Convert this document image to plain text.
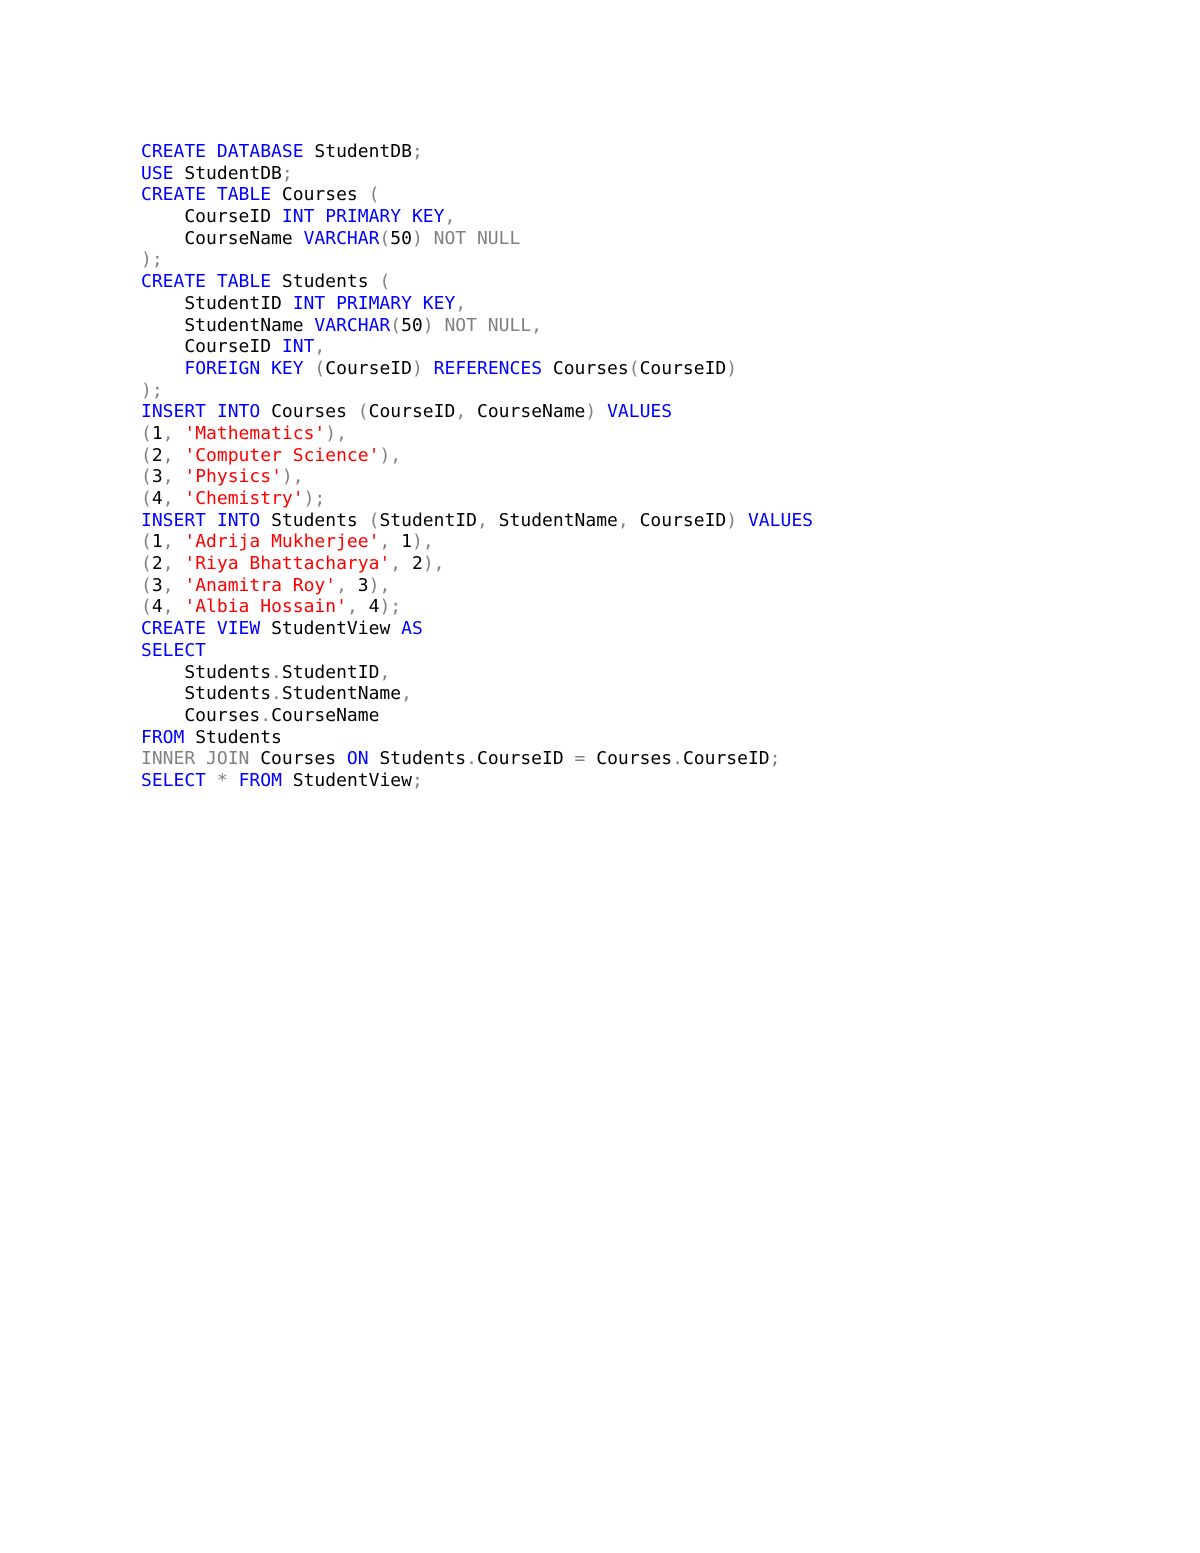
CREATE DATABASE StudentDB;
USE StudentDB;
CREATE TABLE Courses (
CourseID INT PRIMARY KEY,
CourseName VARCHAR(50) NOT NULL
);
CREATE TABLE Students (
StudentID INT PRIMARY KEY,
StudentName VARCHAR(50) NOT NULL,
CourseID INT,
FOREIGN KEY (CourseID) REFERENCES Courses(CourseID)
);
INSERT INTO Courses (CourseID, CourseName) VALUES
(1, 'Mathematics'),
(2, 'Computer Science'),
(3, 'Physics'),
(4, 'Chemistry');
INSERT INTO Students (StudentID, StudentName, CourseID) VALUES
(1, 'Adrija Mukherjee', 1),
(2, 'Riya Bhattacharya', 2),
(3, 'Anamitra Roy', 3),
(4, 'Albia Hossain', 4);
CREATE VIEW StudentView AS
SELECT
Students.StudentID,
Students.StudentName,
Courses.CourseName
FROM Students
INNER JOIN Courses ON Students.CourseID = Courses.CourseID;
SELECT * FROM StudentView;
